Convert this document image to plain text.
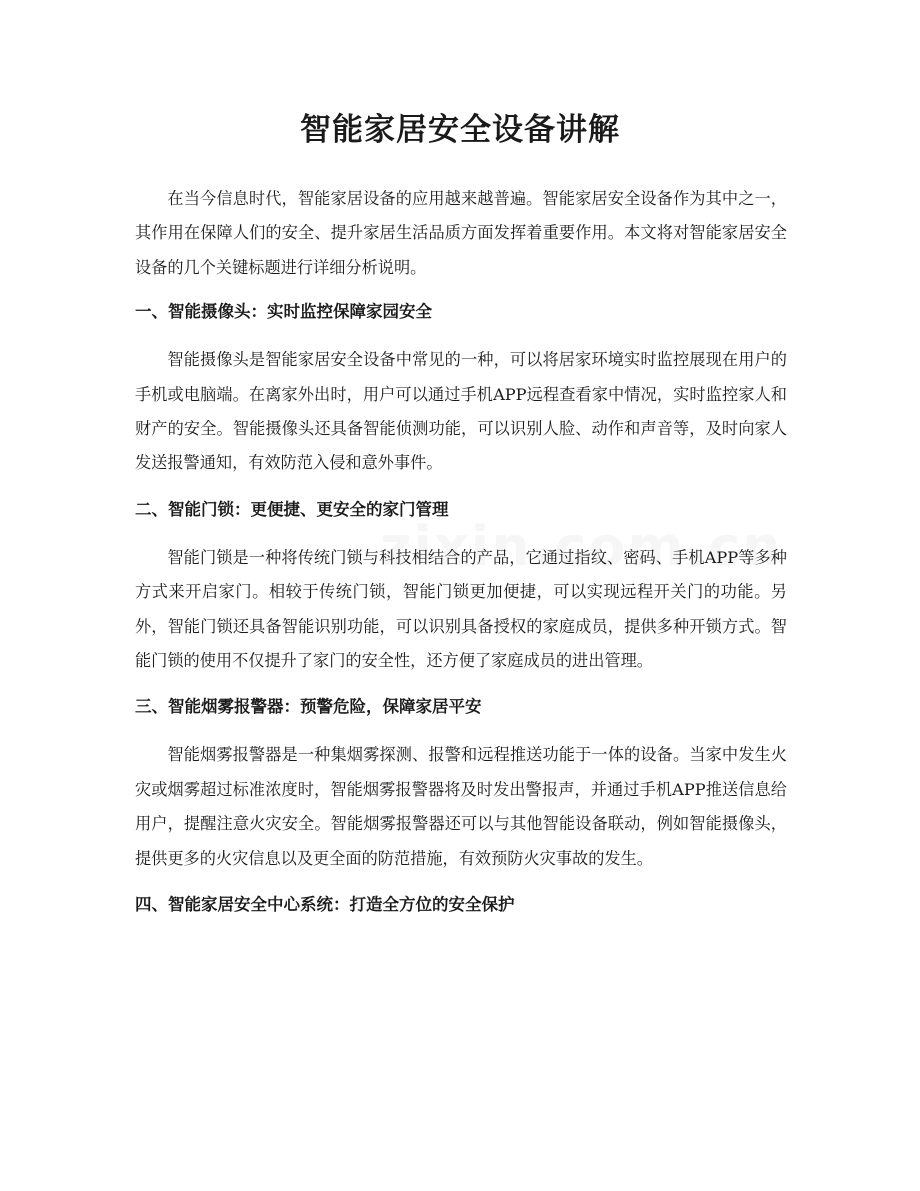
智能家居安全设备讲解

在当今信息时代，智能家居设备的应用越来越普遍。智能家居安全设备作为其中之一，其作用在保障人们的安全、提升家居生活品质方面发挥着重要作用。本文将对智能家居安全设备的几个关键标题进行详细分析说明。

一、智能摄像头：实时监控保障家园安全

智能摄像头是智能家居安全设备中常见的一种，可以将居家环境实时监控展现在用户的手机或电脑端。在离家外出时，用户可以通过手机APP远程查看家中情况，实时监控家人和财产的安全。智能摄像头还具备智能侦测功能，可以识别人脸、动作和声音等，及时向家人发送报警通知，有效防范入侵和意外事件。

二、智能门锁：更便捷、更安全的家门管理

智能门锁是一种将传统门锁与科技相结合的产品，它通过指纹、密码、手机APP等多种方式来开启家门。相较于传统门锁，智能门锁更加便捷，可以实现远程开关门的功能。另外，智能门锁还具备智能识别功能，可以识别具备授权的家庭成员，提供多种开锁方式。智能门锁的使用不仅提升了家门的安全性，还方便了家庭成员的进出管理。

三、智能烟雾报警器：预警危险，保障家居平安

智能烟雾报警器是一种集烟雾探测、报警和远程推送功能于一体的设备。当家中发生火灾或烟雾超过标准浓度时，智能烟雾报警器将及时发出警报声，并通过手机APP推送信息给用户，提醒注意火灾安全。智能烟雾报警器还可以与其他智能设备联动，例如智能摄像头，提供更多的火灾信息以及更全面的防范措施，有效预防火灾事故的发生。

四、智能家居安全中心系统：打造全方位的安全保护
